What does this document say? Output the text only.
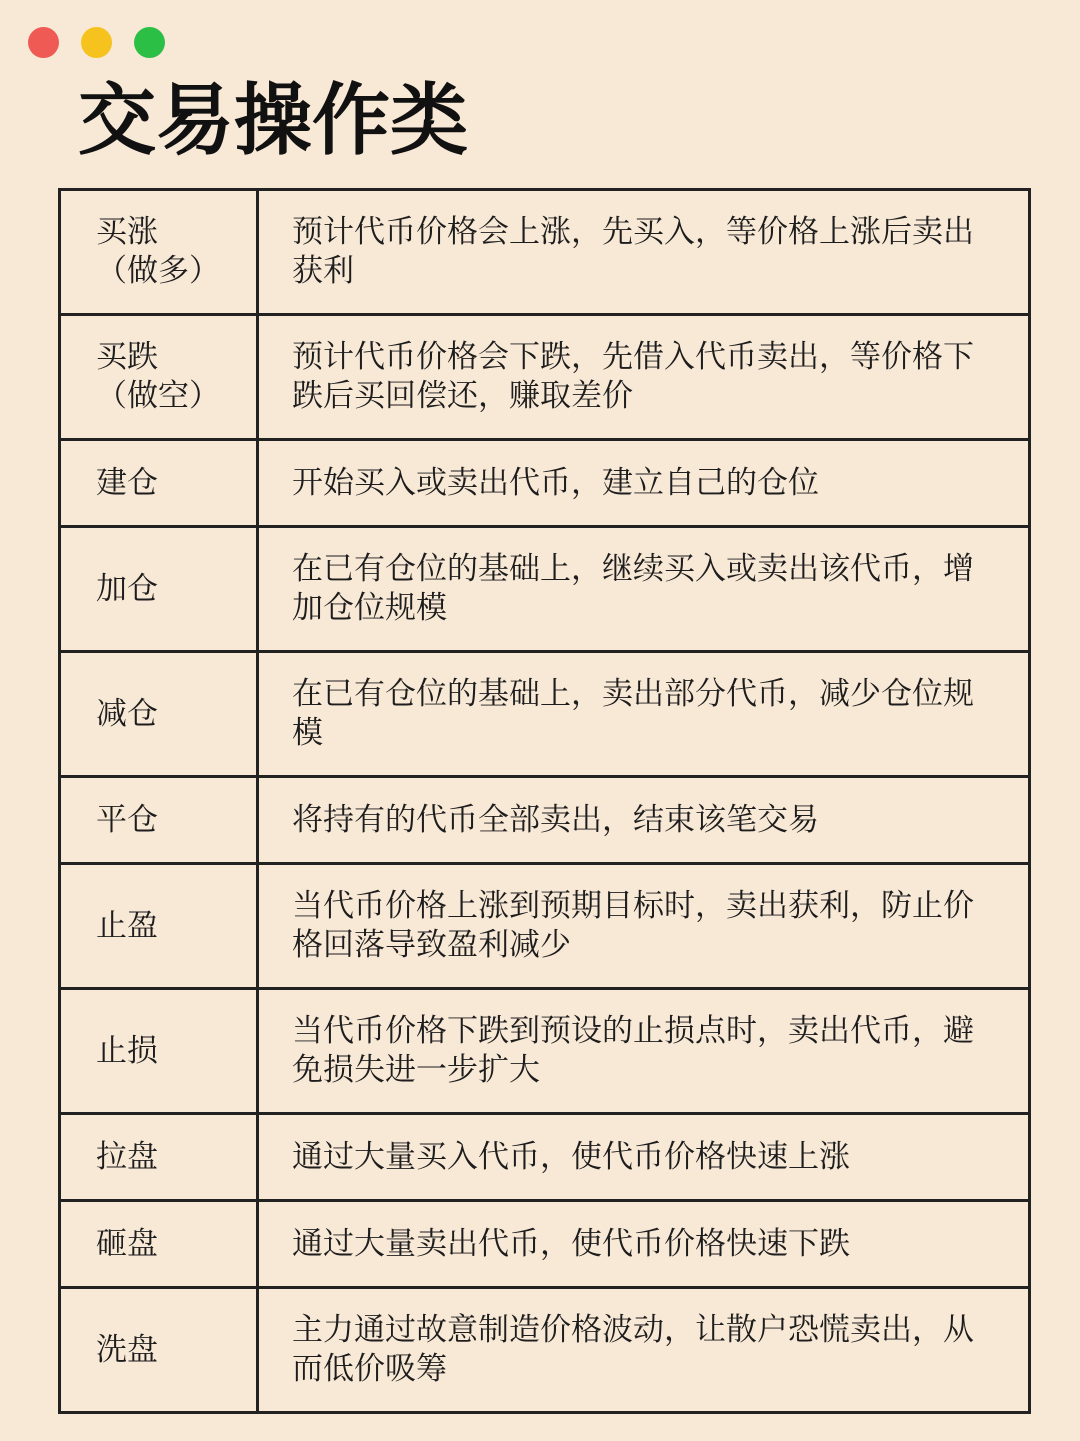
交易操作类
买涨
（做多）	预计代币价格会上涨，先买入，等价格上涨后卖出获利
买跌
（做空）	预计代币价格会下跌，先借入代币卖出，等价格下跌后买回偿还，赚取差价
建仓	开始买入或卖出代币，建立自己的仓位
加仓	在已有仓位的基础上，继续买入或卖出该代币，增加仓位规模
减仓	在已有仓位的基础上，卖出部分代币，减少仓位规模
平仓	将持有的代币全部卖出，结束该笔交易
止盈	当代币价格上涨到预期目标时，卖出获利，防止价格回落导致盈利减少
止损	当代币价格下跌到预设的止损点时，卖出代币，避免损失进一步扩大
拉盘	通过大量买入代币，使代币价格快速上涨
砸盘	通过大量卖出代币，使代币价格快速下跌
洗盘	主力通过故意制造价格波动，让散户恐慌卖出，从而低价吸筹
